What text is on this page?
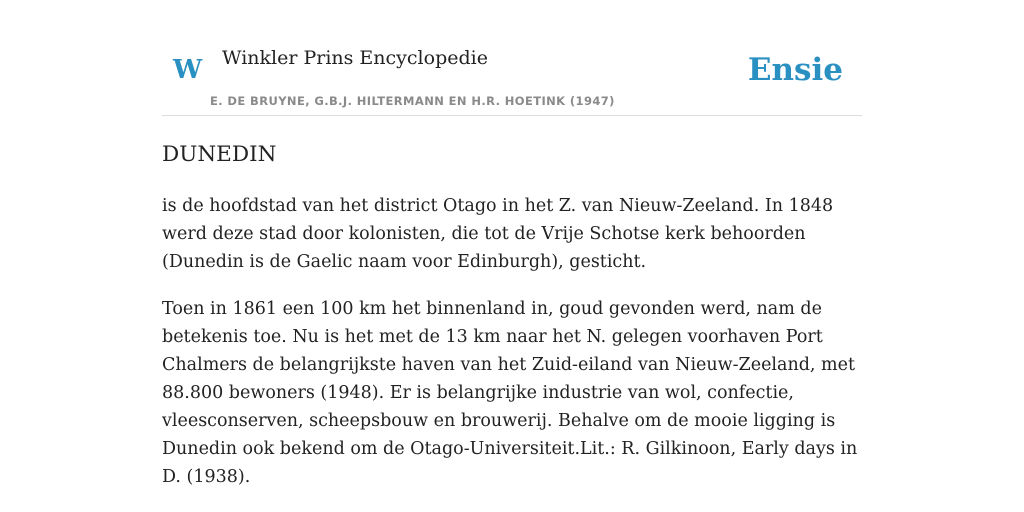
W Winkler Prins Encyclopedie
E. DE BRUYNE, G.B.J. HILTERMANN EN H.R. HOETINK (1947)
Ensie
DUNEDIN

is de hoofdstad van het district Otago in het Z. van Nieuw-Zeeland. In 1848 werd deze stad door kolonisten, die tot de Vrije Schotse kerk behoorden (Dunedin is de Gaelic naam voor Edinburgh), gesticht.

Toen in 1861 een 100 km het binnenland in, goud gevonden werd, nam de betekenis toe. Nu is het met de 13 km naar het N. gelegen voorhaven Port Chalmers de belangrijkste haven van het Zuid-eiland van Nieuw-Zeeland, met 88.800 bewoners (1948). Er is belangrijke industrie van wol, confectie, vleesconserven, scheepsbouw en brouwerij. Behalve om de mooie ligging is Dunedin ook bekend om de Otago-Universiteit.Lit.: R. Gilkinoon, Early days in D. (1938).
